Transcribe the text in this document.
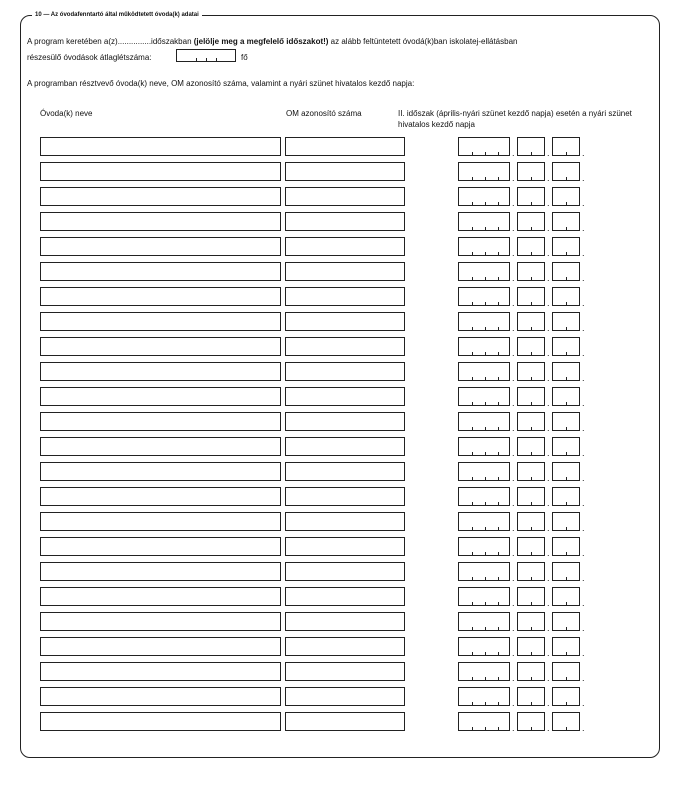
10 — Az óvodafenntartó által működtetett óvoda(k) adatai
A program keretében a(z)...............időszakban (jelölje meg a megfelelő időszakot!) az alább feltüntetett óvodá(k)ban iskolatej-ellátásban
részesülő óvodások átlaglétszáma:	fő
A programban résztvevő óvoda(k) neve, OM azonosító száma, valamint a nyári szünet hivatalos kezdő napja:
Óvoda(k) neve	OM azonosító száma	II. időszak (április-nyári szünet kezdő napja) esetén a nyári szünet hivatalos kezdő napja
.	.	.
.	.	.
.	.	.
.	.	.
.	.	.
.	.	.
.	.	.
.	.	.
.	.	.
.	.	.
.	.	.
.	.	.
.	.	.
.	.	.
.	.	.
.	.	.
.	.	.
.	.	.
.	.	.
.	.	.
.	.	.
.	.	.
.	.	.
.	.	.
